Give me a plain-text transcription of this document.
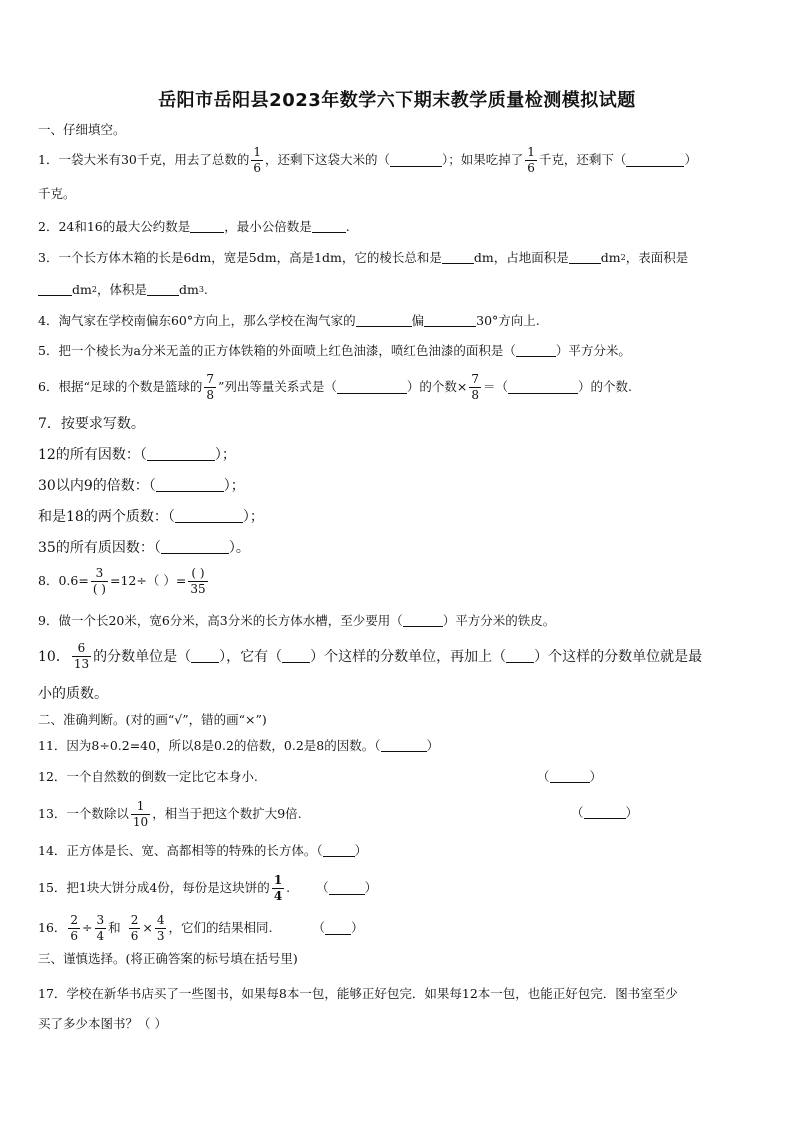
岳阳市岳阳县2023年数学六下期末教学质量检测模拟试题
一、仔细填空。
1．一袋大米有30千克，用去了总数的 $\frac{1}{6}$ ，还剩下这袋大米的（	）；如果吃掉了 $\frac{1}{6}$ 千克，还剩下（	）
千克。
2．24和16的最大公约数是	，最小公倍数是	.
3．一个长方体木箱的长是6dm，宽是5dm，高是1dm，它的棱长总和是	dm，占地面积是	dm 2 ，表面积是
dm 2 ，体积是	dm 3 .
4．淘气家在学校南偏东60°方向上，那么学校在淘气家的	偏	30°方向上.
5．把一个棱长为a分米无盖的正方体铁箱的外面喷上红色油漆，喷红色油漆的面积是（	）平方分米。
6．根据“足球的个数是篮球的 $\frac{7}{8}$ ”列出等量关系式是（	）的个数× $\frac{7}{8}$ ＝（	）的个数.
7．按要求写数。
12的所有因数：（	）；
30以内9的倍数：（	）；
和是18的两个质数：（	）；
35的所有质因数：（	）。
8．$0.6= \frac{3}{( )} =12\div$（ ）= $\frac{( )}{35}$
9．做一个长20米，宽6分米，高3分米的长方体水槽，至少要用（	）平方分米的铁皮。
10． $\frac{6}{13}$ 的分数单位是（ ），它有（ ）个这样的分数单位，再加上（ ）个这样的分数单位就是最
小的质数。
二、准确判断。(对的画“√”，错的画“×”)
11．因为8÷0.2=40，所以8是0.2的倍数，0.2是8的因数。（	）
12．一个自然数的倒数一定比它本身小.	（	）
13．一个数除以 $\frac{1}{10}$ ，相当于把这个数扩大9倍.	（	）
14．正方体是长、宽、高都相等的特殊的长方体。（	）
15．把1块大饼分成4份，每份是这块饼的 $\frac{1}{4}$ . （	）
16． $\frac{2}{6} \div \frac{3}{4}$ 和 $\frac{2}{6} \times \frac{4}{3}$ ，它们的结果相同.	（ ）
三、谨慎选择。(将正确答案的标号填在括号里)
17．学校在新华书店买了一些图书，如果每8本一包，能够正好包完．如果每12本一包，也能正好包完．图书室至少
买了多少本图书？（ ）
